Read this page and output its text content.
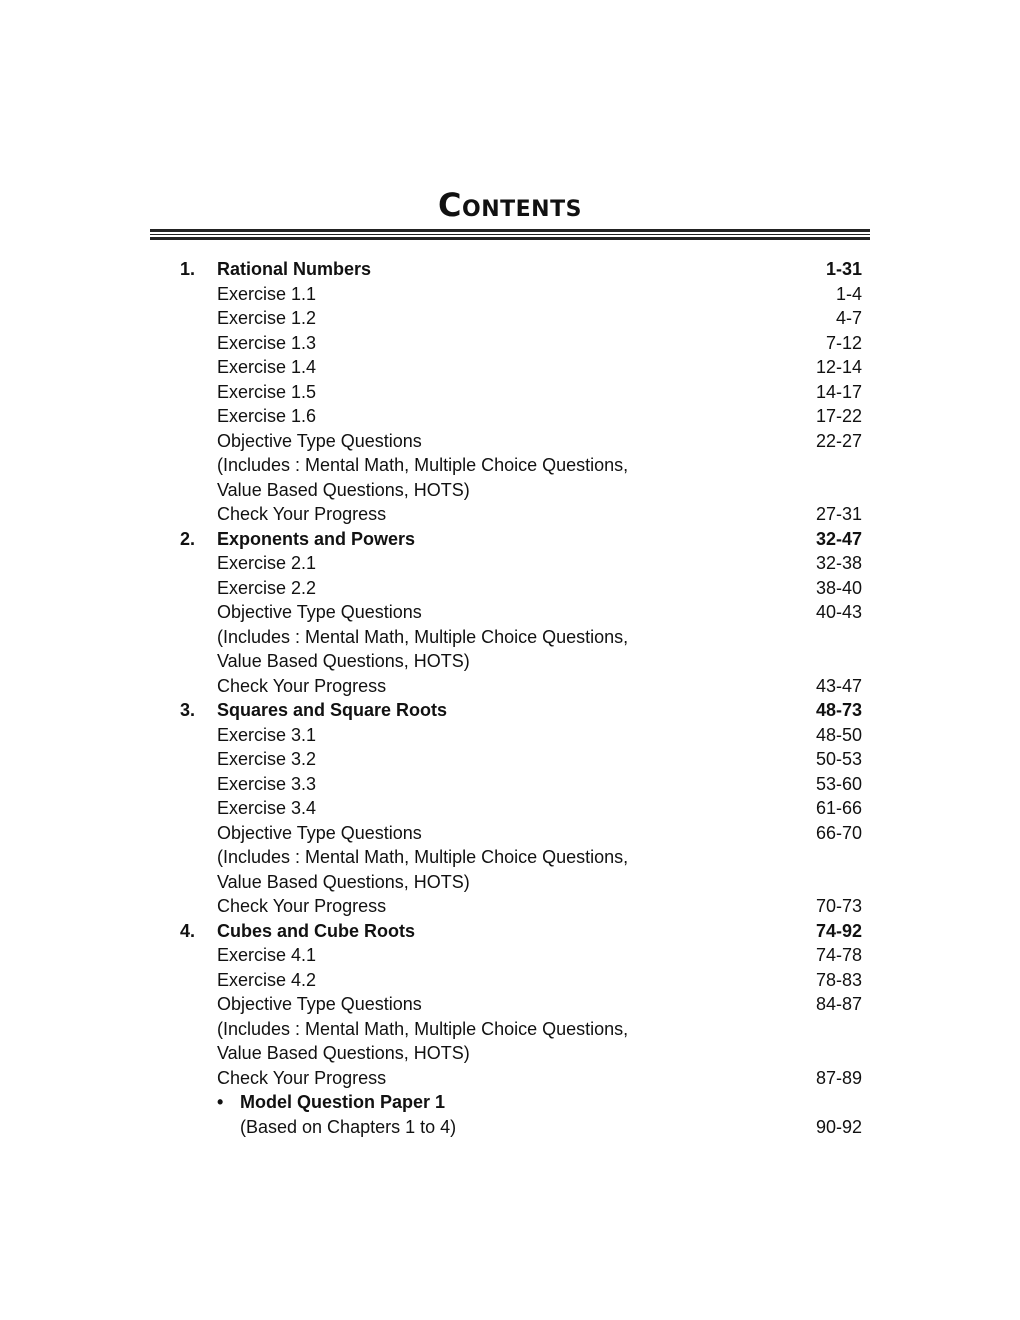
Contents
1. Rational Numbers	1-31
Exercise 1.1	1-4
Exercise 1.2	4-7
Exercise 1.3	7-12
Exercise 1.4	12-14
Exercise 1.5	14-17
Exercise 1.6	17-22
Objective Type Questions	22-27
(Includes : Mental Math, Multiple Choice Questions,
Value Based Questions, HOTS)
Check Your Progress	27-31
2. Exponents and Powers	32-47
Exercise 2.1	32-38
Exercise 2.2	38-40
Objective Type Questions	40-43
(Includes : Mental Math, Multiple Choice Questions,
Value Based Questions, HOTS)
Check Your Progress	43-47
3. Squares and Square Roots	48-73
Exercise 3.1	48-50
Exercise 3.2	50-53
Exercise 3.3	53-60
Exercise 3.4	61-66
Objective Type Questions	66-70
(Includes : Mental Math, Multiple Choice Questions,
Value Based Questions, HOTS)
Check Your Progress	70-73
4. Cubes and Cube Roots	74-92
Exercise 4.1	74-78
Exercise 4.2	78-83
Objective Type Questions	84-87
(Includes : Mental Math, Multiple Choice Questions,
Value Based Questions, HOTS)
Check Your Progress	87-89
• Model Question Paper 1
(Based on Chapters 1 to 4)	90-92
